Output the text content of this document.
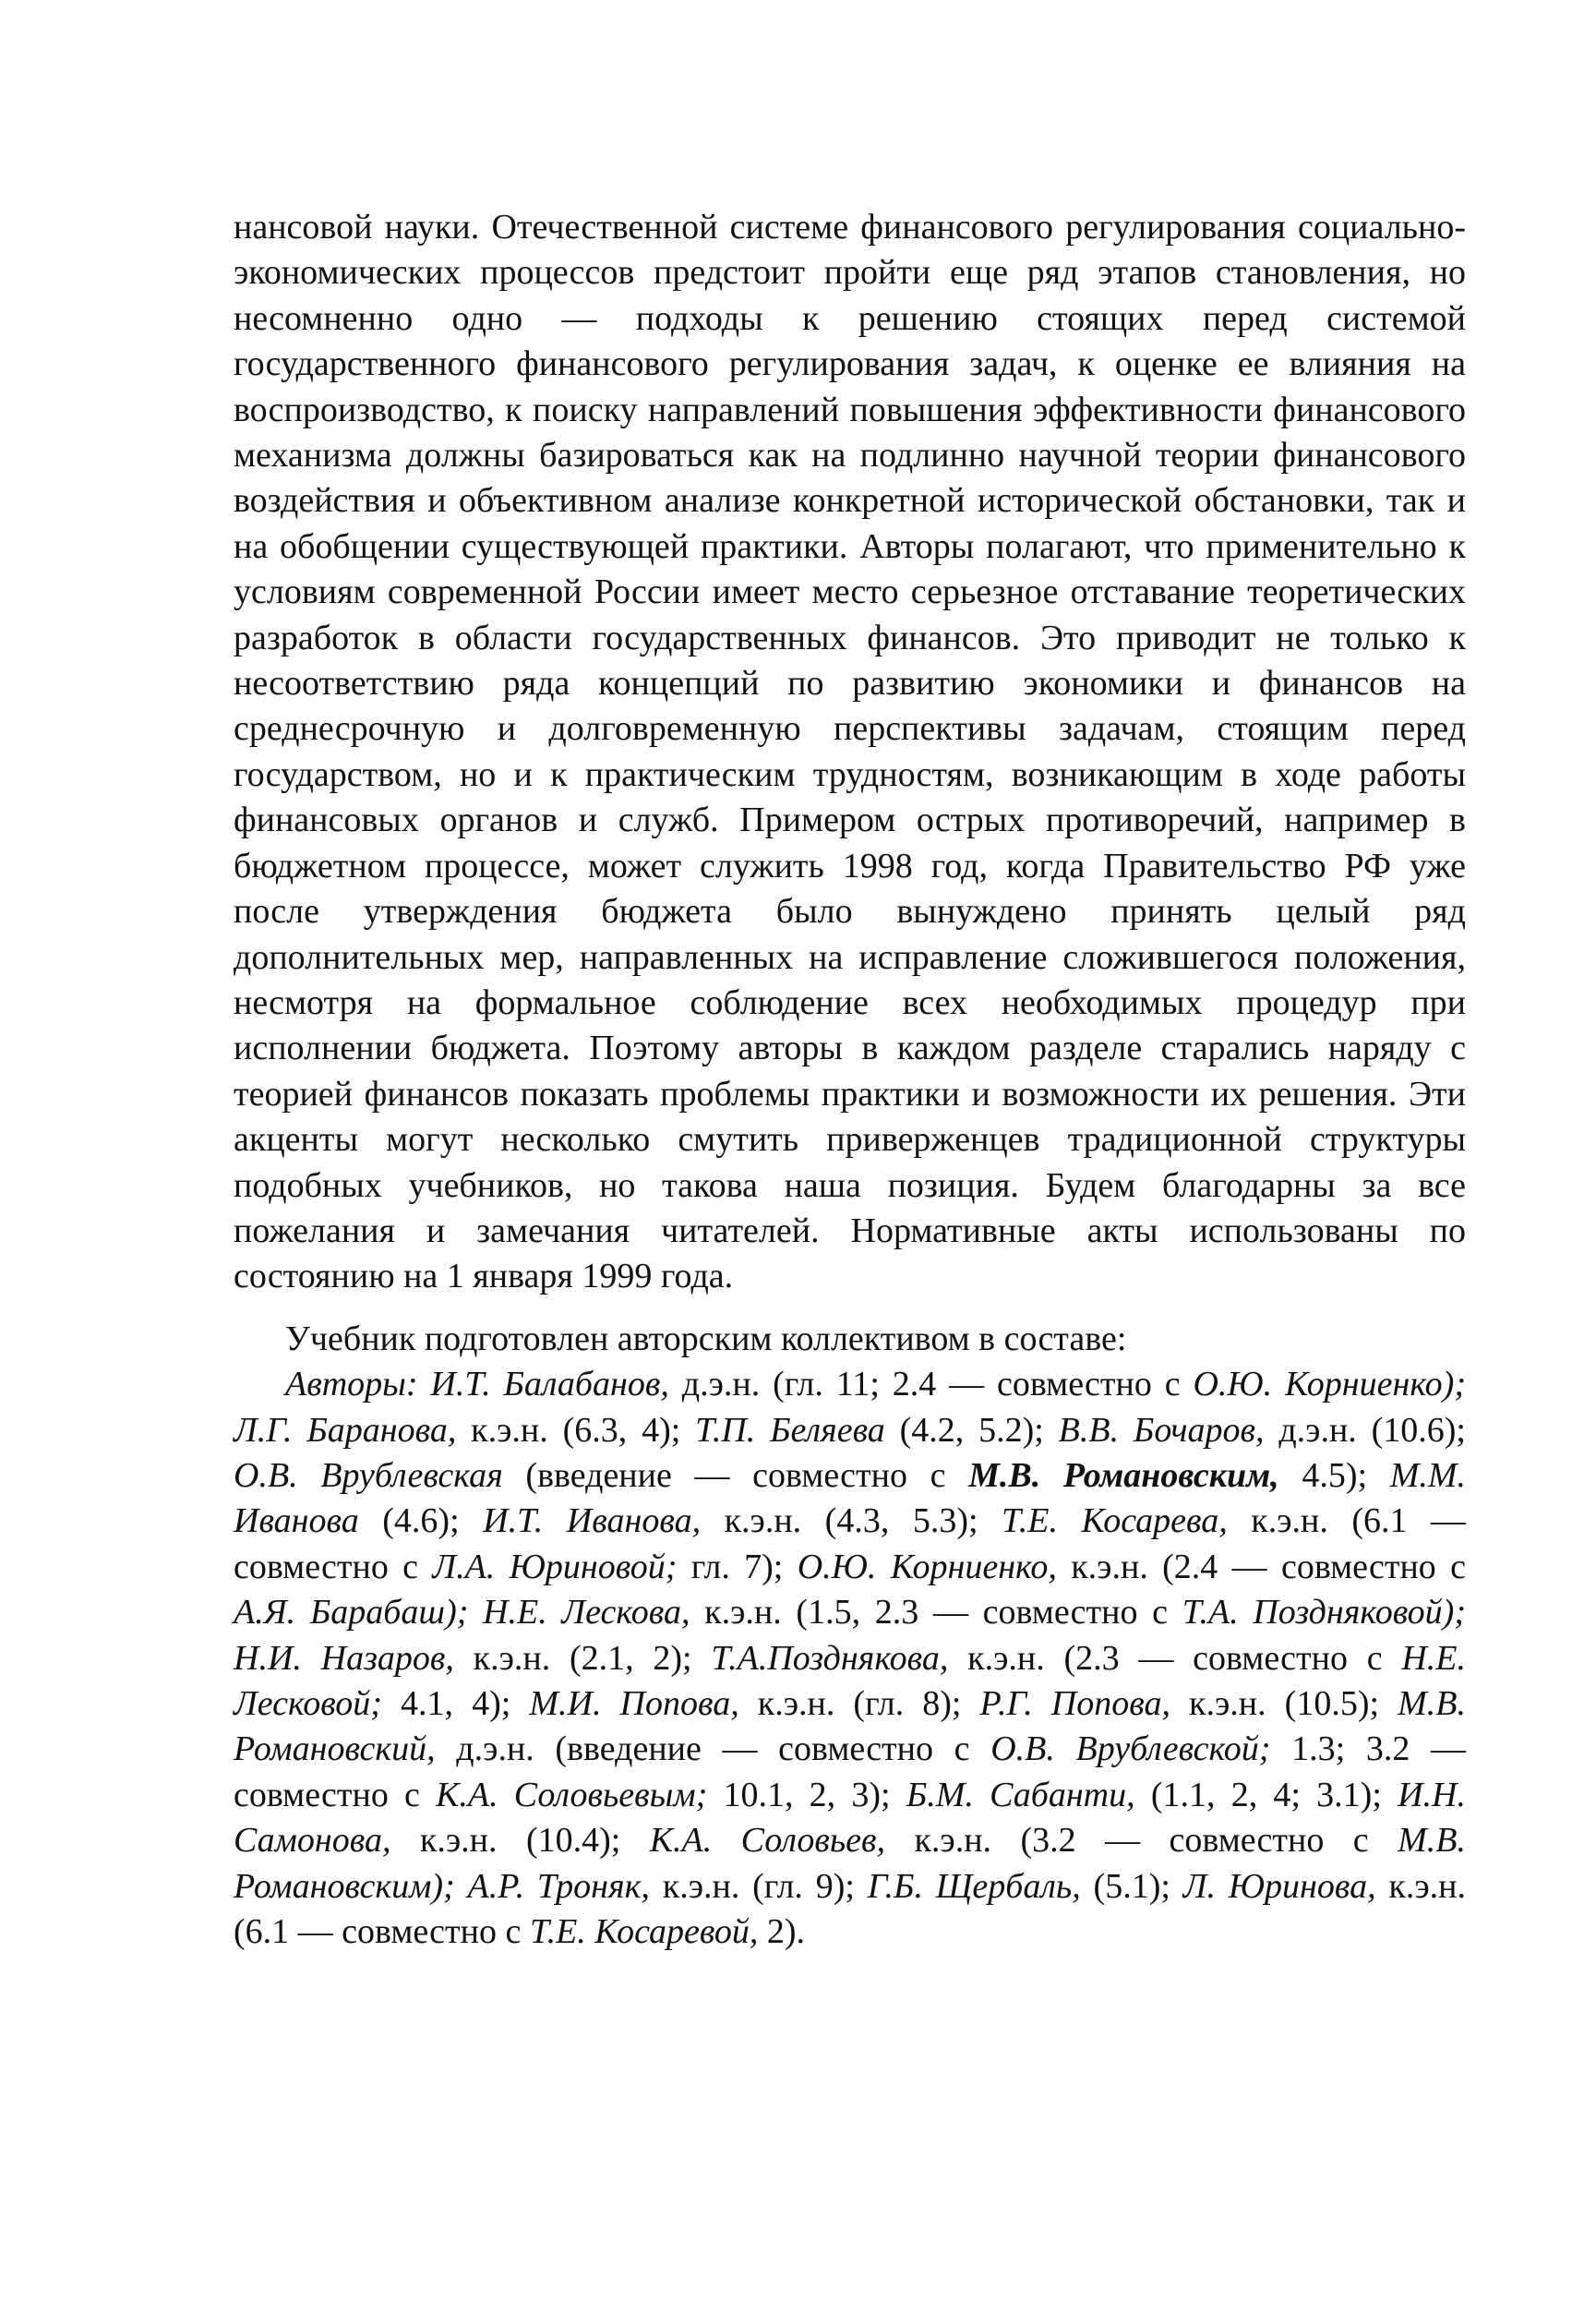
нансовой науки. Отечественной системе финансового регулирования социально-экономических процессов предстоит пройти еще ряд этапов становления, но несомненно одно — подходы к решению стоящих перед системой государственного финансового регулирования задач, к оценке ее влияния на воспроизводство, к поиску направлений повышения эффективности финансового механизма должны базироваться как на подлинно научной теории финансового воздействия и объективном анализе конкретной исторической обстановки, так и на обобщении существующей практики. Авторы полагают, что применительно к условиям современной России имеет место серьезное отставание теоретических разработок в области государственных финансов. Это приводит не только к несоответствию ряда концепций по развитию экономики и финансов на среднесрочную и долговременную перспективы задачам, стоящим перед государством, но и к практическим трудностям, возникающим в ходе работы финансовых органов и служб. Примером острых противоречий, например в бюджетном процессе, может служить 1998 год, когда Правительство РФ уже после утверждения бюджета было вынуждено принять целый ряд дополнительных мер, направленных на исправление сложившегося положения, несмотря на формальное соблюдение всех необходимых процедур при исполнении бюджета. Поэтому авторы в каждом разделе старались наряду с теорией финансов показать проблемы практики и возможности их решения. Эти акценты могут несколько смутить приверженцев традиционной структуры подобных учебников, но такова наша позиция. Будем благодарны за все пожелания и замечания читателей. Нормативные акты использованы по состоянию на 1 января 1999 года.

Учебник подготовлен авторским коллективом в составе:

Авторы: И.Т. Балабанов, д.э.н. (гл. 11; 2.4 — совместно с О.Ю. Корниенко); Л.Г. Баранова, к.э.н. (6.3, 4); Т.П. Беляева (4.2, 5.2); В.В. Бочаров, д.э.н. (10.6); О.В. Врублевская (введение — совместно с М.В. Романовским, 4.5); М.М. Иванова (4.6); И.Т. Иванова, к.э.н. (4.3, 5.3); Т.Е. Косарева, к.э.н. (6.1 — совместно с Л.А. Юриновой; гл. 7); О.Ю. Корниенко, к.э.н. (2.4 — совместно с А.Я. Барабаш); Н.Е. Лескова, к.э.н. (1.5, 2.3 — совместно с Т.А. Поздняковой); Н.И. Назаров, к.э.н. (2.1, 2); Т.А.Позднякова, к.э.н. (2.3 — совместно с Н.Е. Лесковой; 4.1, 4); М.И. Попова, к.э.н. (гл. 8); Р.Г. Попова, к.э.н. (10.5); М.В. Романовский, д.э.н. (введение — совместно с О.В. Врублевской; 1.3; 3.2 — совместно с К.А. Соловьевым; 10.1, 2, 3); Б.М. Сабанти, (1.1, 2, 4; 3.1); И.Н. Самонова, к.э.н. (10.4); К.А. Соловьев, к.э.н. (3.2 — совместно с М.В. Романовским); А.Р. Троняк, к.э.н. (гл. 9); Г.Б. Щербаль, (5.1); Л. Юринова, к.э.н. (6.1 — совместно с Т.Е. Косаревой, 2).
